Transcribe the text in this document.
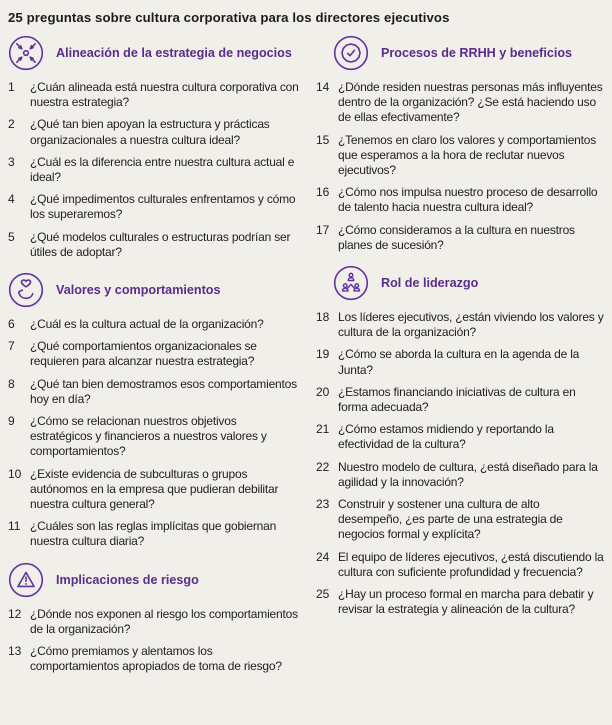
25 preguntas sobre cultura corporativa para los directores ejecutivos
Alineación de la estrategia de negocios
1	¿Cuán alineada está nuestra cultura corporativa con nuestra estrategia?
2	¿Qué tan bien apoyan la estructura y prácticas organizacionales a nuestra cultura ideal?
3	¿Cuál es la diferencia entre nuestra cultura actual e ideal?
4	¿Qué impedimentos culturales enfrentamos y cómo los superaremos?
5	¿Qué modelos culturales o estructuras podrían ser útiles de adoptar?
Valores y comportamientos
6	¿Cuál es la cultura actual de la organización?
7	¿Qué comportamientos organizacionales se requieren para alcanzar nuestra estrategia?
8	¿Qué tan bien demostramos esos comportamientos hoy en día?
9	¿Cómo se relacionan nuestros objetivos estratégicos y financieros a nuestros valores y comportamientos?
10 ¿Existe evidencia de subculturas o grupos autónomos en la empresa que pudieran debilitar nuestra cultura general?
11 ¿Cuáles son las reglas implícitas que gobiernan nuestra cultura diaria?
Implicaciones de riesgo
12 ¿Dónde nos exponen al riesgo los comportamientos de la organización?
13 ¿Cómo premiamos y alentamos los comportamientos apropiados de toma de riesgo?
Procesos de RRHH y beneficios
14 ¿Dónde residen nuestras personas más influyentes dentro de la organización? ¿Se está haciendo uso de ellas efectivamente?
15 ¿Tenemos en claro los valores y comportamientos que esperamos a la hora de reclutar nuevos ejecutivos?
16 ¿Cómo nos impulsa nuestro proceso de desarrollo de talento hacia nuestra cultura ideal?
17 ¿Cómo consideramos a la cultura en nuestros planes de sucesión?
Rol de liderazgo
18 Los líderes ejecutivos, ¿están viviendo los valores y cultura de la organización?
19 ¿Cómo se aborda la cultura en la agenda de la Junta?
20 ¿Estamos financiando iniciativas de cultura en forma adecuada?
21 ¿Cómo estamos midiendo y reportando la efectividad de la cultura?
22 Nuestro modelo de cultura, ¿está diseñado para la agilidad y la innovación?
23 Construir y sostener una cultura de alto desempeño, ¿es parte de una estrategia de negocios formal y explícita?
24 El equipo de líderes ejecutivos, ¿está discutiendo la cultura con suficiente profundidad y frecuencia?
25 ¿Hay un proceso formal en marcha para debatir y revisar la estrategia y alineación de la cultura?
